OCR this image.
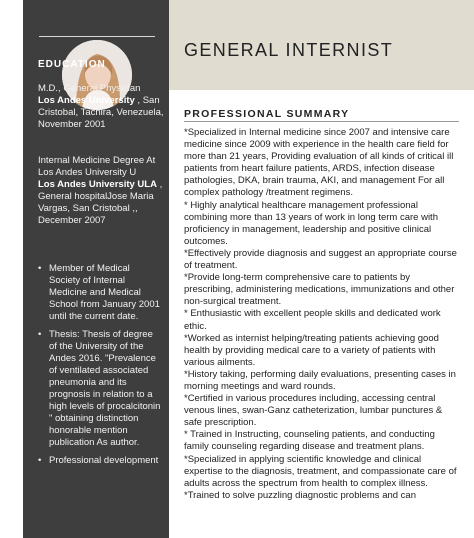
GENERAL INTERNIST
EDUCATION
M.D., General Physician
Los Andes University , San Cristobal, Tachira, Venezuela, November 2001
Internal Medicine Degree At Los Andes University U
Los Andes University ULA , General hospitalJose Maria Vargas, San Cristobal ,, December 2007
• Member of Medical Society of Internal Medicine and Medical School from January 2001 until the current date.
• Thesis: Thesis of degree of the University of the Andes 2016. "Prevalence of ventilated associated pneumonia and its prognosis in relation to a high levels of procalcitonin " obtaining distinction honorable mention publication As author.
• Professional development
PROFESSIONAL SUMMARY

*Specialized in Internal medicine since 2007 and intensive care medicine since 2009 with experience in the health care field for more than 21 years, Providing evaluation of all kinds of critical ill patients from heart failure patients, ARDS, infection disease pathologies, DKA, brain trauma, AKI, and management For all complex pathology /treatment regimens.

* Highly analytical healthcare management professional combining more than 13 years of work in long term care with proficiency in management, leadership and positive clinical outcomes.

*Effectively provide diagnosis and suggest an appropriate course of treatment.

*Provide long-term comprehensive care to patients by prescribing, administering medications, immunizations and other non-surgical treatment.

* Enthusiastic with excellent people skills and dedicated work ethic.

*Worked as internist helping/treating patients achieving good health by providing medical care to a variety of patients with various ailments.

*History taking, performing daily evaluations, presenting cases in morning meetings and ward rounds.

*Certified in various procedures including, accessing central venous lines, swan-Ganz catheterization, lumbar punctures & safe prescription.

* Trained in Instructing, counseling patients, and conducting family counseling regarding disease and treatment plans.

*Specialized in applying scientific knowledge and clinical expertise to the diagnosis, treatment, and compassionate care of adults across the spectrum from health to complex illness.

*Trained to solve puzzling diagnostic problems and can
